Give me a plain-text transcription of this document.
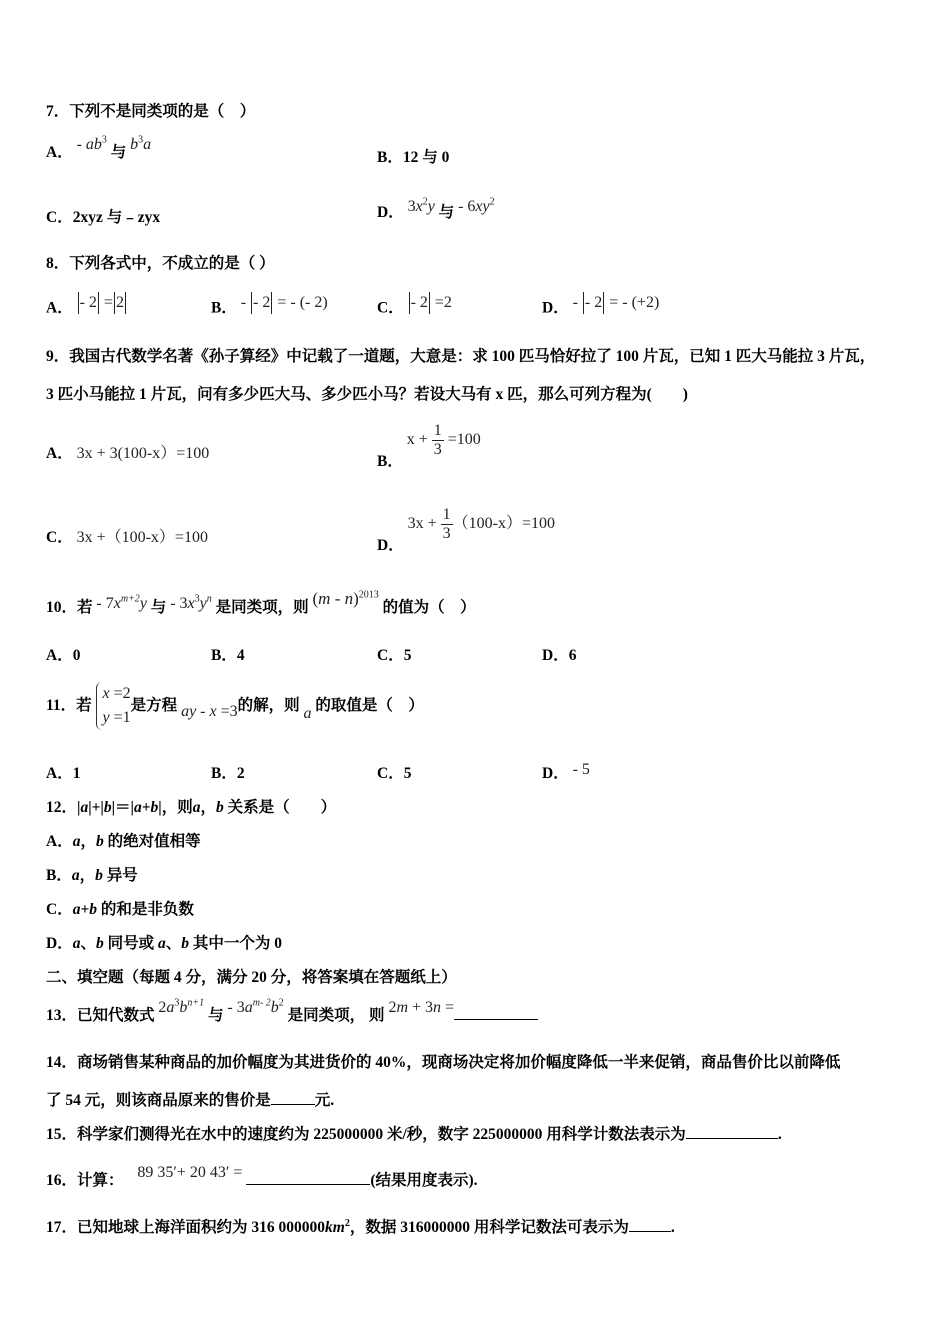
7．下列不是同类项的是（　）
A． - $ab^3$ 与 $b^3a$
B．12 与 0
C．2xyz 与﹣zyx	D． $3x^2y$ 与 - $6xy^2$
8．下列各式中，不成立的是（ ）
A． - 2 = 2	B． - - 2 = - (- 2)	C． - 2 =2	D． - - 2 = - (+2)
9．我国古代数学名著《孙子算经》中记载了一道题，大意是：求 100 匹马恰好拉了 100 片瓦，已知 1 匹大马能拉 3 片瓦，
3 匹小马能拉 1 片瓦，问有多少匹大马、多少匹小马？若设大马有 x 匹，那么可列方程为(　　)
A． 3x + 3(100-x）=100	B． $x + \frac{1}{3} =100$
C． 3x +（100-x）=100	D． $3x + \frac{1}{3} (100-x)=100$
10．若 - $7x^{m+2}y$ 与 - $3x^3y^n$ 是同类项，则 (m - n)$^{2013}$ 的值为（　）
A．0	B．4	C．5	D．6
11．若 x =2
y =1是方程 ay - x =3的解，则 a 的取值是（　）
A．1	B．2	C．5	D． - 5
12．|a|+|b|＝|a+b|，则a，b 关系是（　　）
A．a，b 的绝对值相等
B．a，b 异号
C．a+b 的和是非负数
D．a、b 同号或 a、b 其中一个为 0
二、填空题（每题 4 分，满分 20 分，将答案填在答题纸上）
13．已知代数式 $2a^3b^{n+1}$ 与 - $3a^{m- 2}b^2$ 是同类项， 则 2m + 3n =
14．商场销售某种商品的加价幅度为其进货价的 40%，现商场决定将加价幅度降低一半来促销，商品售价比以前降低
了 54 元，则该商品原来的售价是	元.
15．科学家们测得光在水中的速度约为 225000000 米/秒，数字 225000000 用科学计数法表示为	.
16．计算： 89 35′+ 20 43′ =	(结果用度表示).
17．已知地球上海洋面积约为 316 $000000km^2$，数据 316000000 用科学记数法可表示为	.
